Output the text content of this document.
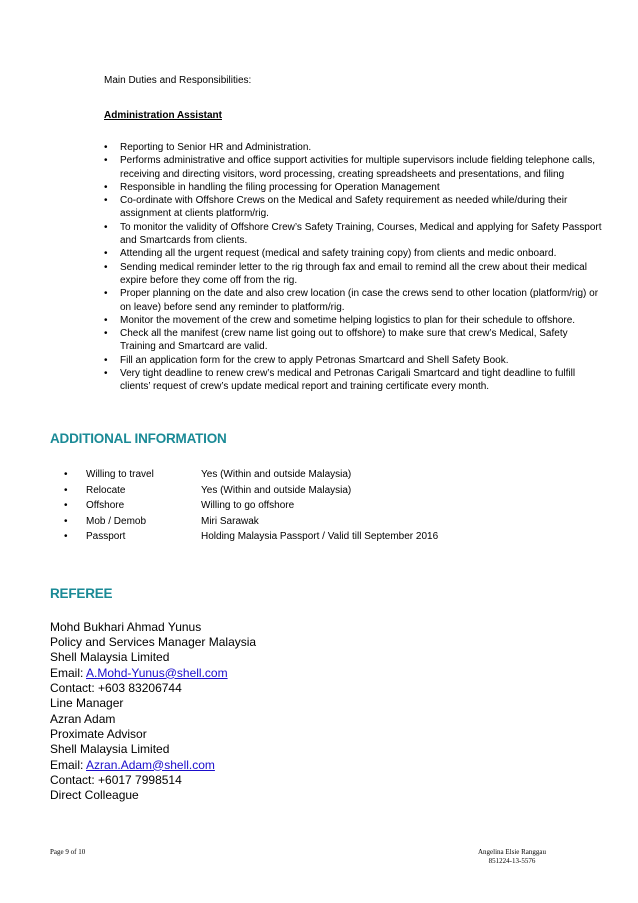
Main Duties and Responsibilities:
Administration Assistant
•	Reporting to Senior HR and Administration.
•	Performs administrative and office support activities for multiple supervisors include fielding telephone calls, receiving and directing visitors, word processing, creating spreadsheets and presentations, and filing
•	Responsible in handling the filing processing for Operation Management
•	Co-ordinate with Offshore Crews on the Medical and Safety requirement as needed while/during their assignment at clients platform/rig.
•	To monitor the validity of Offshore Crew’s Safety Training, Courses, Medical and applying for Safety Passport and Smartcards from clients.
•	Attending all the urgent request (medical and safety training copy) from clients and medic onboard.
•	Sending medical reminder letter to the rig through fax and email to remind all the crew about their medical expire before they come off from the rig.
•	Proper planning on the date and also crew location (in case the crews send to other location (platform/rig) or on leave) before send any reminder to platform/rig.
•	Monitor the movement of the crew and sometime helping logistics to plan for their schedule to offshore.
•	Check all the manifest (crew name list going out to offshore) to make sure that crew’s Medical, Safety Training and Smartcard are valid.
•	Fill an application form for the crew to apply Petronas Smartcard and Shell Safety Book.
•	Very tight deadline to renew crew’s medical and Petronas Carigali Smartcard and tight deadline to fulfill clients’ request of crew’s update medical report and training certificate every month.
ADDITIONAL INFORMATION
•	Willing to travel	Yes (Within and outside Malaysia)
•	Relocate	Yes (Within and outside Malaysia)
•	Offshore	Willing to go offshore
•	Mob / Demob	Miri Sarawak
•	Passport	Holding Malaysia Passport / Valid till September 2016
REFEREE
Mohd Bukhari Ahmad Yunus
Policy and Services Manager Malaysia
Shell Malaysia Limited
Email: A.Mohd-Yunus@shell.com
Contact: +603 83206744
Line Manager
Azran Adam
Proximate Advisor
Shell Malaysia Limited
Email: Azran.Adam@shell.com
Contact: +6017 7998514
Direct Colleague
Page 9 of 10	Angelina Elsie Ranggau
851224-13-5576
